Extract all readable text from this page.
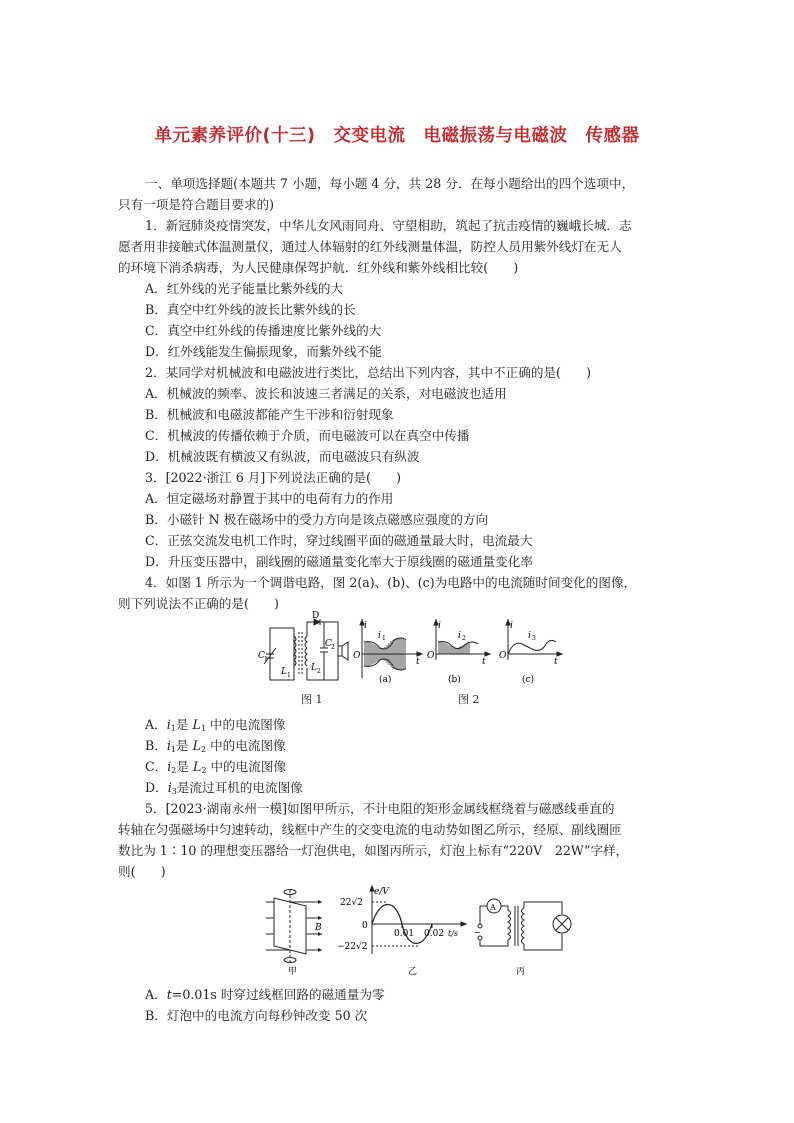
单元素养评价(十三)　交变电流　电磁振荡与电磁波　传感器
一、单项选择题(本题共 7 小题，每小题 4 分，共 28 分．在每小题给出的四个选项中，
只有一项是符合题目要求的)
1．新冠肺炎疫情突发，中华儿女风雨同舟、守望相助，筑起了抗击疫情的巍峨长城．志
愿者用非接触式体温测量仪，通过人体辐射的红外线测量体温，防控人员用紫外线灯在无人
的环境下消杀病毒，为人民健康保驾护航．红外线和紫外线相比较(　　)
A．红外线的光子能量比紫外线的大
B．真空中红外线的波长比紫外线的长
C．真空中红外线的传播速度比紫外线的大
D．红外线能发生偏振现象，而紫外线不能
2．某同学对机械波和电磁波进行类比，总结出下列内容，其中不正确的是(　　)
A．机械波的频率、波长和波速三者满足的关系，对电磁波也适用
B．机械波和电磁波都能产生干涉和衍射现象
C．机械波的传播依赖于介质，而电磁波可以在真空中传播
D．机械波既有横波又有纵波，而电磁波只有纵波
3．[2022·浙江 6 月]下列说法正确的是(　　)
A．恒定磁场对静置于其中的电荷有力的作用
B．小磁针 N 极在磁场中的受力方向是该点磁感应强度的方向
C．正弦交流发电机工作时，穿过线圈平面的磁通量最大时，电流最大
D．升压变压器中，副线圈的磁通量变化率大于原线圈的磁通量变化率
4．如图 1 所示为一个调谐电路，图 2(a)、(b)、(c)为电路中的电流随时间变化的图像，
则下列说法不正确的是(　　)
D
C 1
L 1
C 2
L 2
i
O
t
i 1
(a)
i
O
t
i 2
(b)
i
O
t
i 3
(c)
图 1	图 2
A．$i_1$是 $L_1$ 中的电流图像
B．$i_1$是 $L_2$ 中的电流图像
C．$i_2$是 $L_2$ 中的电流图像
D．$i_3$是流过耳机的电流图像
5．[2023·湖南永州一模]如图甲所示，不计电阻的矩形金属线框绕着与磁感线垂直的
转轴在匀强磁场中匀速转动，线框中产生的交变电流的电动势如图乙所示，经原、副线圈匝
数比为 1∶10 的理想变压器给一灯泡供电，如图丙所示，灯泡上标有“220V　22W”字样，
则(　　)
B
甲
e/V
22√2
−22√2
0
0.01 0.02 t/s
乙
A
~
丙
A．t=0.01s 时穿过线框回路的磁通量为零
B．灯泡中的电流方向每秒钟改变 50 次
